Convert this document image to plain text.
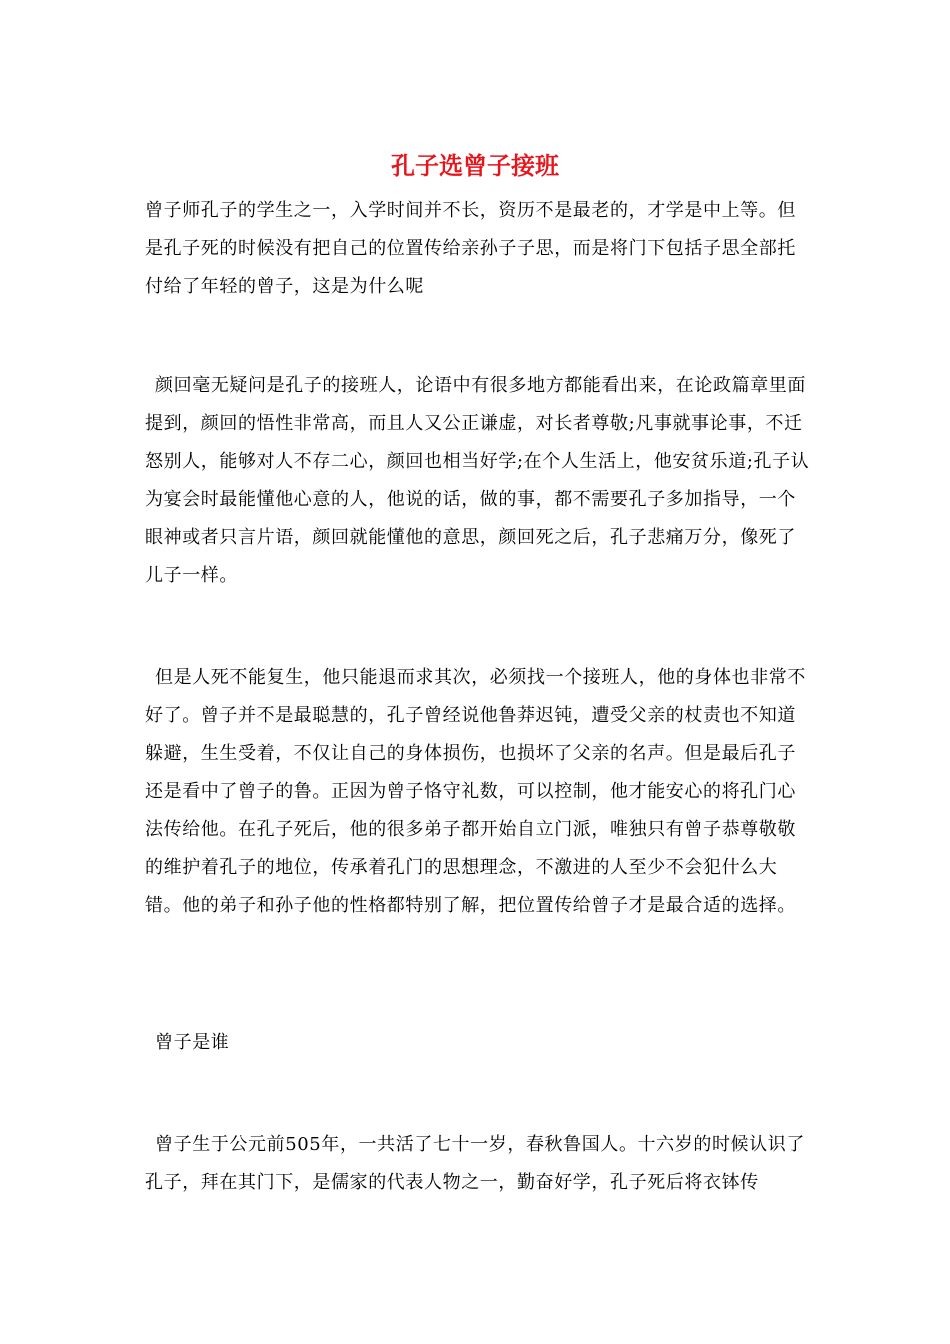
孔子选曾子接班

曾子师孔子的学生之一，入学时间并不长，资历不是最老的，才学是中上等。但是孔子死的时候没有把自己的位置传给亲孙子子思，而是将门下包括子思全部托付给了年轻的曾子，这是为什么呢

颜回毫无疑问是孔子的接班人，论语中有很多地方都能看出来，在论政篇章里面提到，颜回的悟性非常高，而且人又公正谦虚，对长者尊敬;凡事就事论事，不迁怒别人，能够对人不存二心，颜回也相当好学;在个人生活上，他安贫乐道;孔子认为宴会时最能懂他心意的人，他说的话，做的事，都不需要孔子多加指导，一个眼神或者只言片语，颜回就能懂他的意思，颜回死之后，孔子悲痛万分，像死了儿子一样。

但是人死不能复生，他只能退而求其次，必须找一个接班人，他的身体也非常不好了。曾子并不是最聪慧的，孔子曾经说他鲁莽迟钝，遭受父亲的杖责也不知道躲避，生生受着，不仅让自己的身体损伤，也损坏了父亲的名声。但是最后孔子还是看中了曾子的鲁。正因为曾子恪守礼数，可以控制，他才能安心的将孔门心法传给他。在孔子死后，他的很多弟子都开始自立门派，唯独只有曾子恭尊敬敬的维护着孔子的地位，传承着孔门的思想理念，不激进的人至少不会犯什么大错。他的弟子和孙子他的性格都特别了解，把位置传给曾子才是最合适的选择。

曾子是谁

曾子生于公元前505年，一共活了七十一岁，春秋鲁国人。十六岁的时候认识了孔子，拜在其门下，是儒家的代表人物之一，勤奋好学，孔子死后将衣钵传
